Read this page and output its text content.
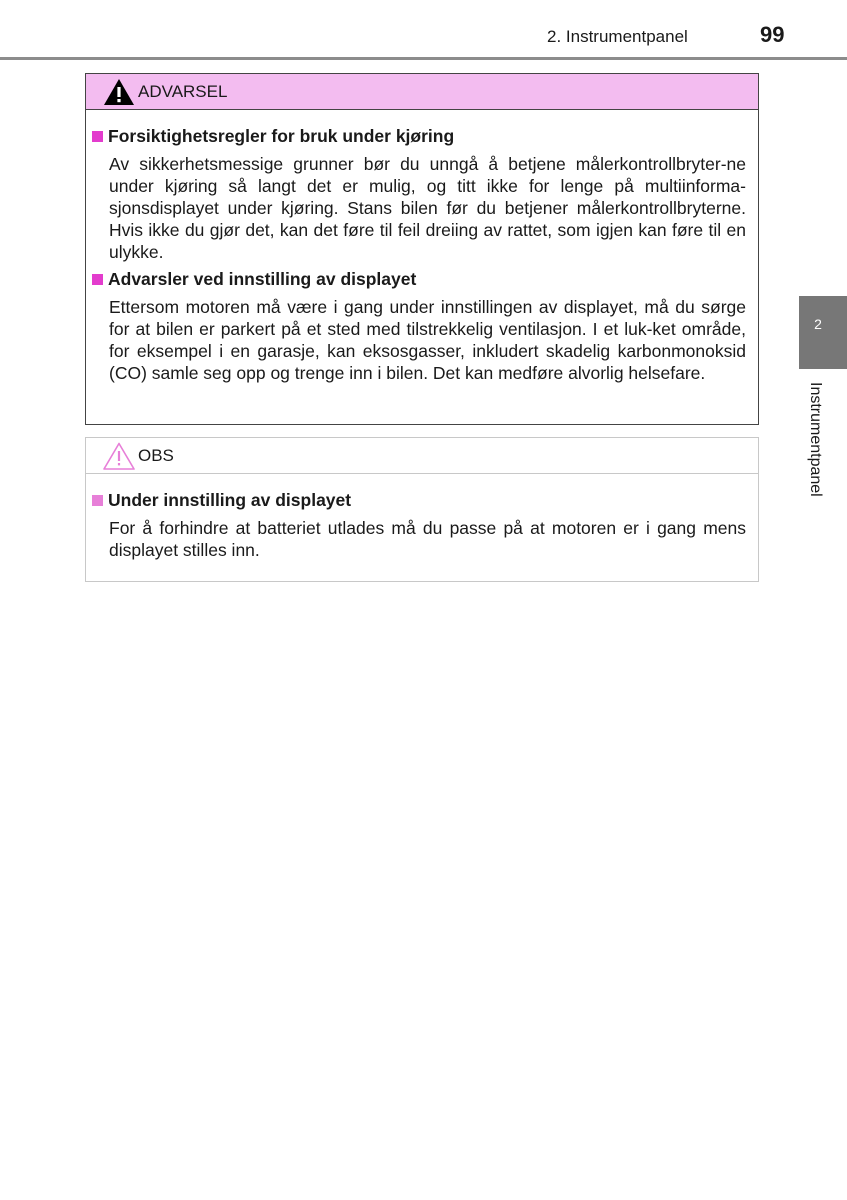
2. Instrumentpanel	99
2
Instrumentpanel
ADVARSEL
Forsiktighetsregler for bruk under kjøring
Av sikkerhetsmessige grunner bør du unngå å betjene målerkontrollbryter-ne under kjøring så langt det er mulig, og titt ikke for lenge på multiinforma-sjonsdisplayet under kjøring. Stans bilen før du betjener målerkontrollbryterne. Hvis ikke du gjør det, kan det føre til feil dreiing av rattet, som igjen kan føre til en ulykke.
Advarsler ved innstilling av displayet
Ettersom motoren må være i gang under innstillingen av displayet, må du sørge for at bilen er parkert på et sted med tilstrekkelig ventilasjon. I et luk-ket område, for eksempel i en garasje, kan eksosgasser, inkludert skadelig karbonmonoksid (CO) samle seg opp og trenge inn i bilen. Det kan medføre alvorlig helsefare.
OBS
Under innstilling av displayet
For å forhindre at batteriet utlades må du passe på at motoren er i gang mens displayet stilles inn.
